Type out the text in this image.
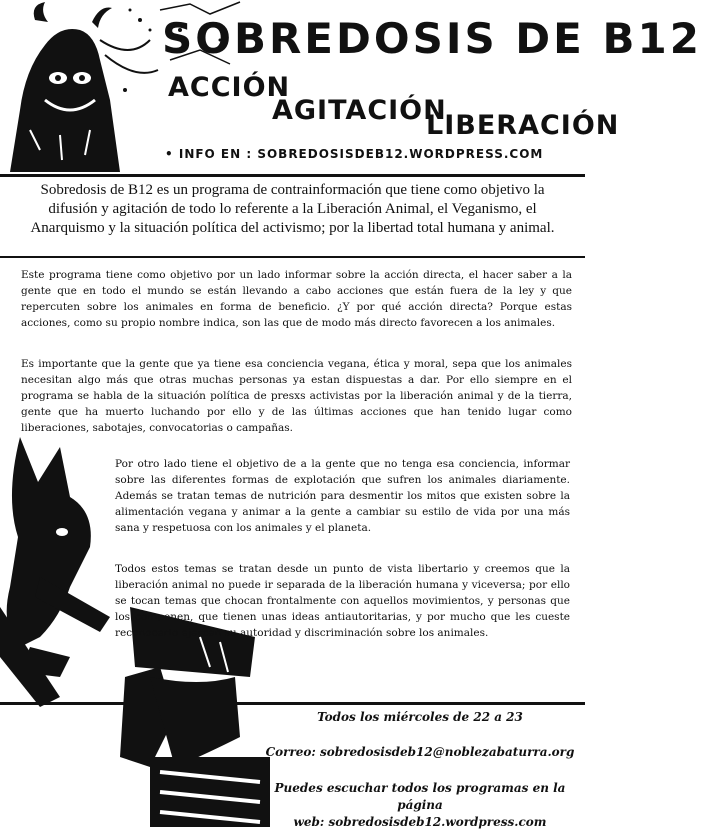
SOBREDOSIS DE B12
ACCIÓN
AGITACIÓN
LIBERACIÓN

• INFO EN : SOBREDOSISDEB12.WORDPRESS.COM

Sobredosis de B12 es un programa de contrainformación que tiene como objetivo la difusión y agitación de todo lo referente a la Liberación Animal, el Veganismo, el Anarquismo y la situación política del activismo; por la libertad total humana y animal.

Este programa tiene como objetivo por un lado informar sobre la acción directa, el hacer saber a la gente que en todo el mundo se están llevando a cabo acciones que están fuera de la ley y que repercuten sobre los animales en forma de beneficio. ¿Y por qué acción directa? Porque estas acciones, como su propio nombre indica, son las que de modo más directo favorecen a los animales.

Es importante que la gente que ya tiene esa conciencia vegana, ética y moral, sepa que los animales necesitan algo más que otras muchas personas ya estan dispuestas a dar. Por ello siempre en el programa se habla de la situación política de presxs activistas por la liberación animal y de la tierra, gente que ha muerto luchando por ello y de las últimas acciones que han tenido lugar como liberaciones, sabotajes, convocatorias o campañas.

Por otro lado tiene el objetivo de a la gente que no tenga esa conciencia, informar sobre las diferentes formas de explotación que sufren los animales diariamente. Además se tratan temas de nutrición para desmentir los mitos que existen sobre la alimentación vegana y animar a la gente a cambiar su estilo de vida por una más sana y respetuosa con los animales y el planeta.

Todos estos temas se tratan desde un punto de vista libertario y creemos que la liberación animal no puede ir separada de la liberación humana y viceversa; por ello se tocan temas que chocan frontalmente con aquellos movimientos, y personas que los componen, que tienen unas ideas antiautoritarias, y por mucho que les cueste reconocerlo ejercen su autoridad y discriminación sobre los animales.

Todos los miércoles de 22 a 23

Correo: sobredosisdeb12@noblezabaturra.org

Puedes escuchar todos los programas en la página
web: sobredosisdeb12.wordpress.com
